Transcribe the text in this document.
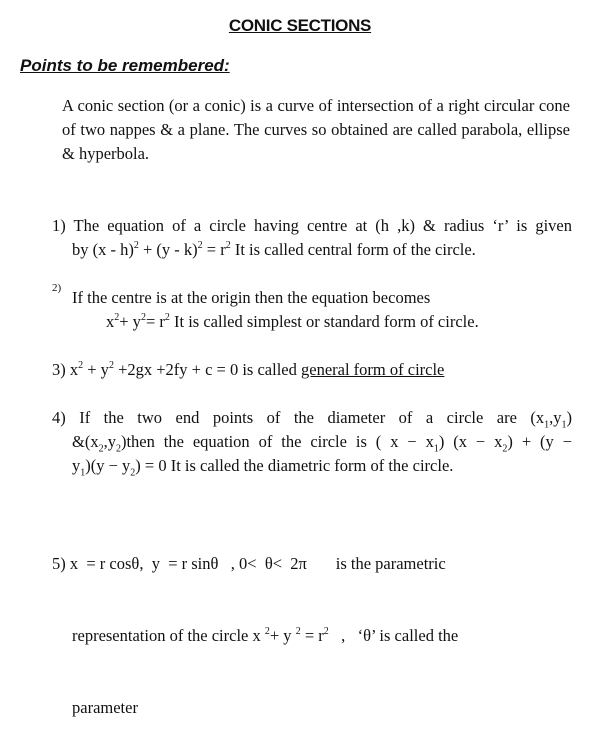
CONIC SECTIONS
Points to be remembered:
A conic section (or a conic) is a curve of intersection of a right circular cone of two nappes & a plane. The curves so obtained are called parabola, ellipse & hyperbola.
1) The equation of a circle having centre at (h ,k) & radius ‘r’ is given
by $(x - h)^2 + (y - k)^2 = r^2$ It is called central form of the circle.
2) If the centre is at the origin then the equation becomes
$x^2+ y^2= r^2$ It is called simplest or standard form of circle.
3) $x^2 + y^2 +2gx +2fy + c = 0$ is called general form of circle
4) If the two end points of the diameter of a circle are $(x_1,y_1)$
$\&(x_2,y_2)then$ the equation of the circle is ( $x - x_1$) $(x - x_2) + (y$ −
$y_1)(y - y_2) = 0$ It is called the diametric form of the circle.

5) x  = r cosθ,  y  = r sinθ   , 0<  θ<  2π       is the parametric

representation of the circle x $^2$+ y $^2 = r^2$   ,   ‘θ’ is called the

parameter
